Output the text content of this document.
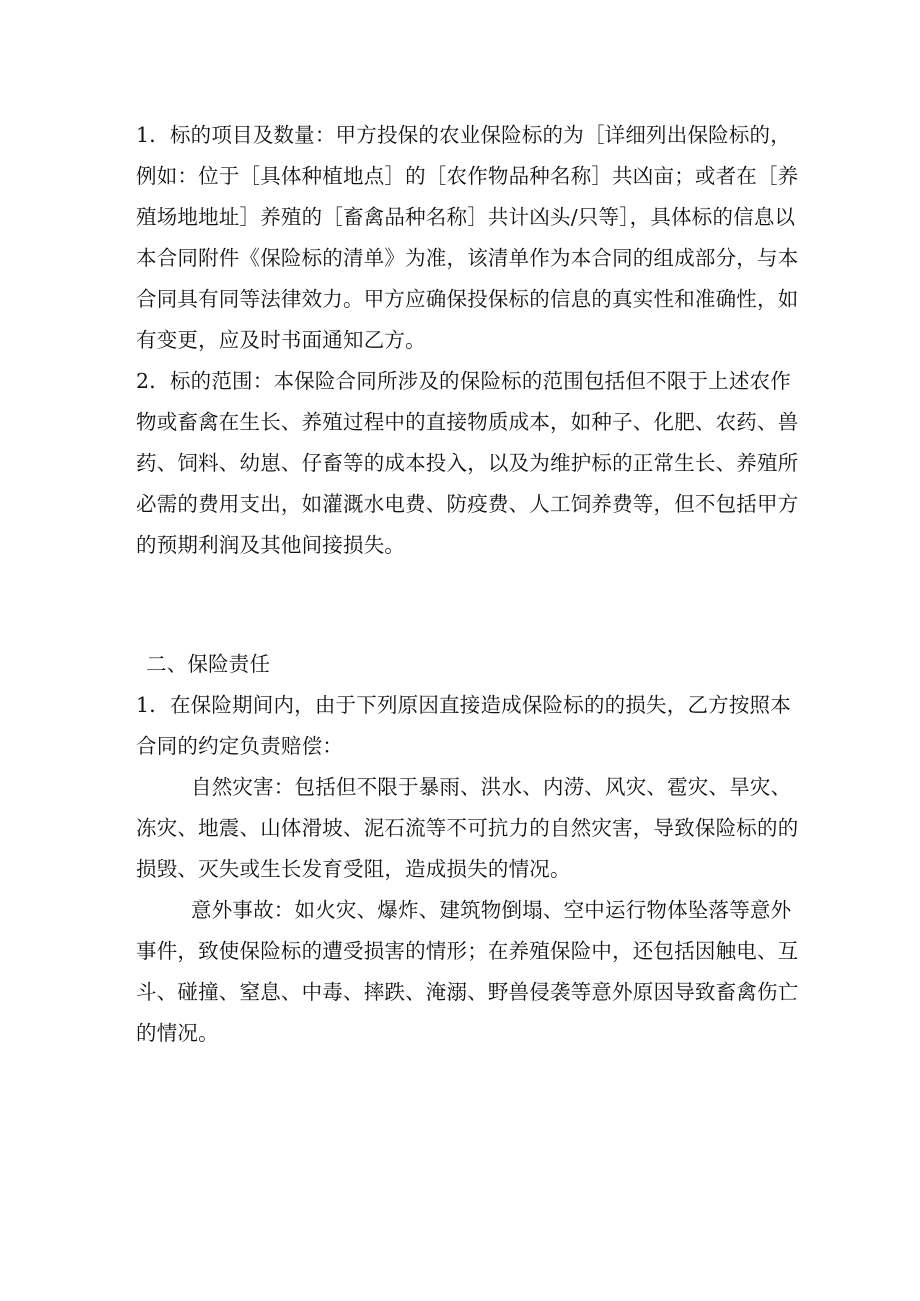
1．标的项目及数量：甲方投保的农业保险标的为［详细列出保险标的，
例如：位于［具体种植地点］的［农作物品种名称］共凶亩；或者在［养
殖场地地址］养殖的［畜禽品种名称］共计凶头/只等］，具体标的信息以
本合同附件《保险标的清单》为准，该清单作为本合同的组成部分，与本
合同具有同等法律效力。甲方应确保投保标的信息的真实性和准确性，如
有变更，应及时书面通知乙方。
2．标的范围：本保险合同所涉及的保险标的范围包括但不限于上述农作
物或畜禽在生长、养殖过程中的直接物质成本，如种子、化肥、农药、兽
药、饲料、幼崽、仔畜等的成本投入，以及为维护标的正常生长、养殖所
必需的费用支出，如灌溉水电费、防疫费、人工饲养费等，但不包括甲方
的预期利润及其他间接损失。
二、保险责任
1．在保险期间内，由于下列原因直接造成保险标的的损失，乙方按照本
合同的约定负责赔偿：
自然灾害：包括但不限于暴雨、洪水、内涝、风灾、雹灾、旱灾、
冻灾、地震、山体滑坡、泥石流等不可抗力的自然灾害，导致保险标的的
损毁、灭失或生长发育受阻，造成损失的情况。
意外事故：如火灾、爆炸、建筑物倒塌、空中运行物体坠落等意外
事件，致使保险标的遭受损害的情形；在养殖保险中，还包括因触电、互
斗、碰撞、窒息、中毒、摔跌、淹溺、野兽侵袭等意外原因导致畜禽伤亡
的情况。
